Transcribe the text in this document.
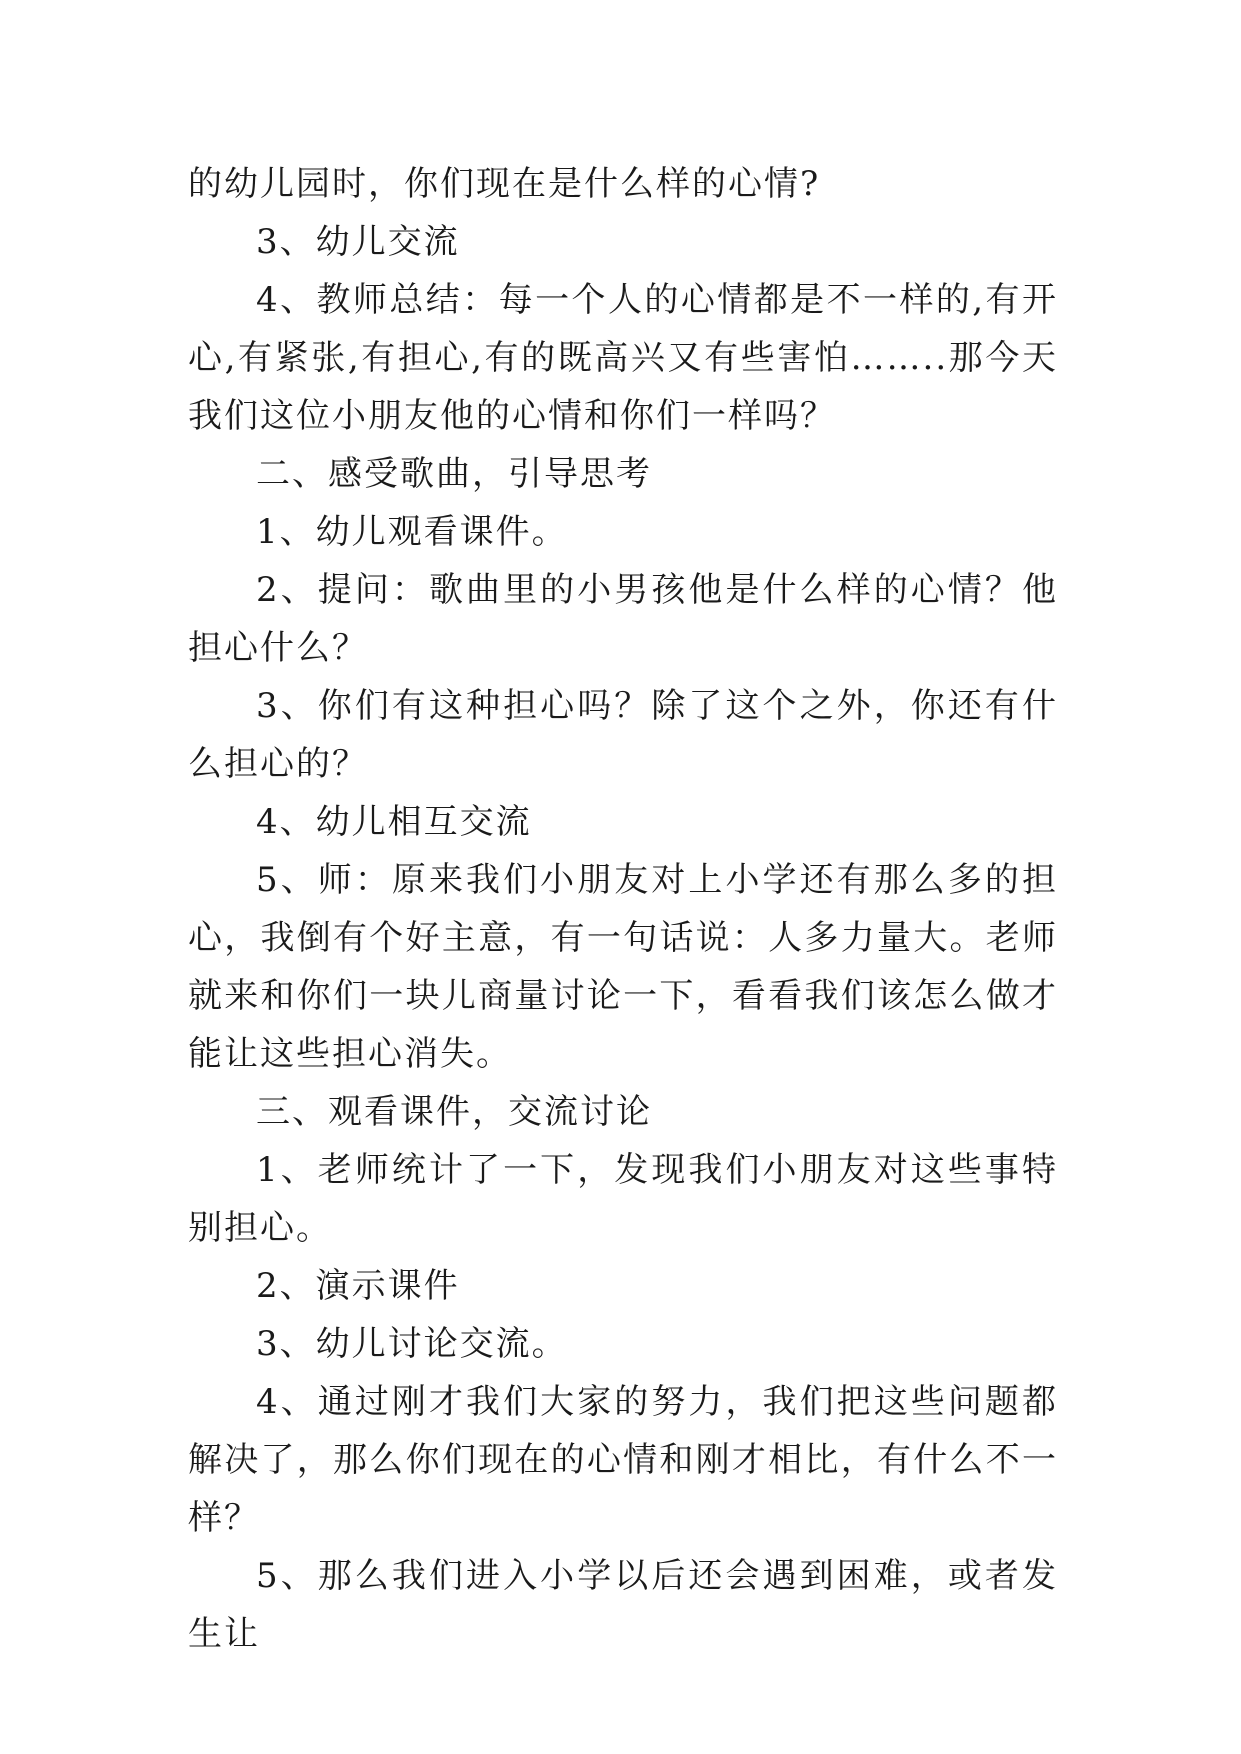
的幼儿园时，你们现在是什么样的心情?

3、幼儿交流

4、教师总结：每一个人的心情都是不一样的,有开心,有紧张,有担心,有的既高兴又有些害怕……..那今天我们这位小朋友他的心情和你们一样吗？

二、感受歌曲，引导思考

1、幼儿观看课件。

2、提问：歌曲里的小男孩他是什么样的心情？他担心什么？

3、你们有这种担心吗？除了这个之外，你还有什么担心的？

4、幼儿相互交流

5、师：原来我们小朋友对上小学还有那么多的担心，我倒有个好主意，有一句话说：人多力量大。老师就来和你们一块儿商量讨论一下，看看我们该怎么做才能让这些担心消失。

三、观看课件，交流讨论

1、老师统计了一下，发现我们小朋友对这些事特别担心。

2、演示课件

3、幼儿讨论交流。

4、通过刚才我们大家的努力，我们把这些问题都解决了，那么你们现在的心情和刚才相比，有什么不一样？

5、那么我们进入小学以后还会遇到困难，或者发生让
